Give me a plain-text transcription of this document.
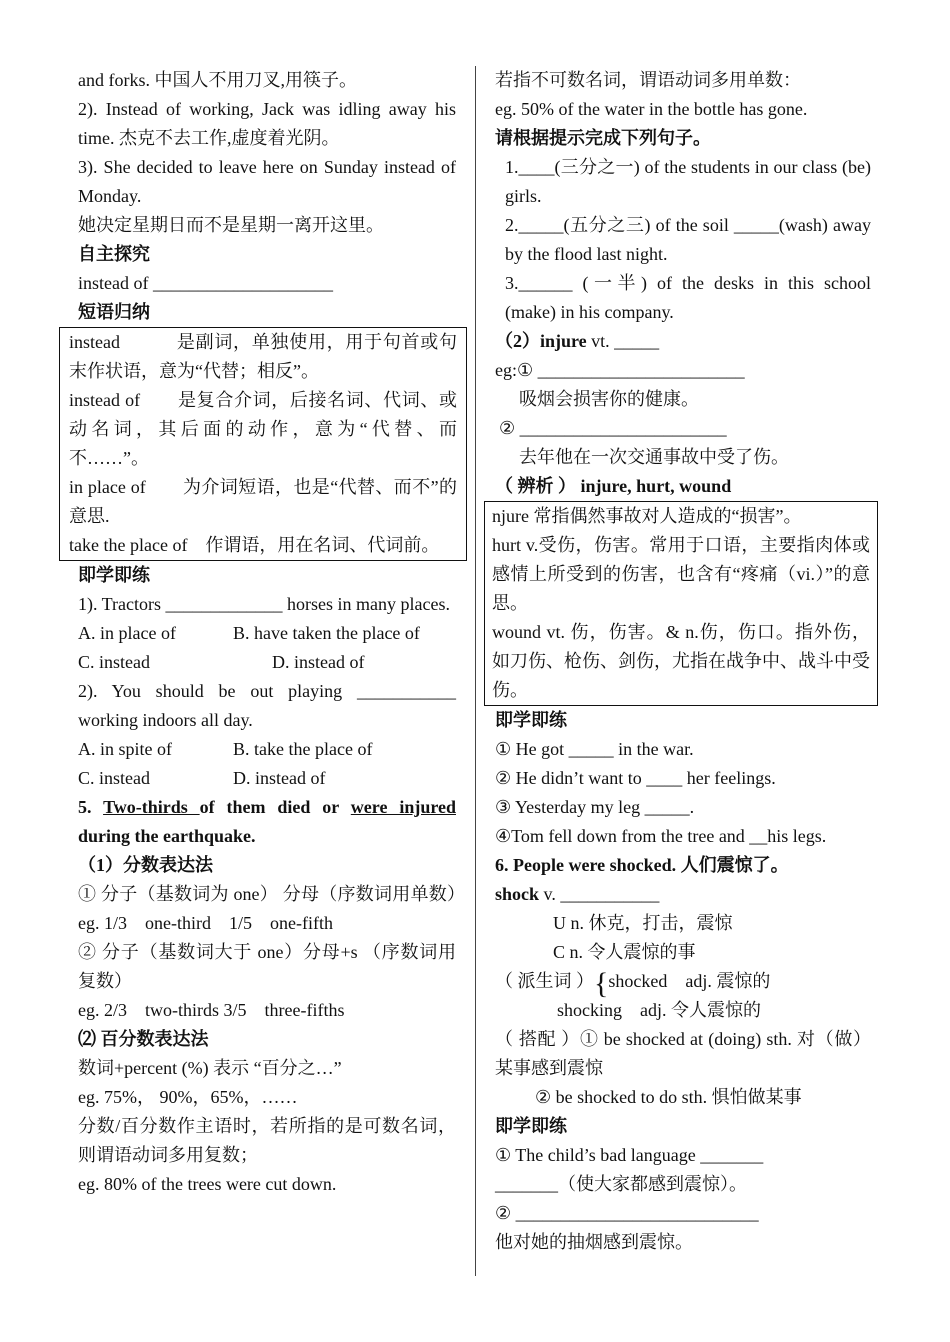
and forks. 中国人不用刀叉,用筷子。

2). Instead of working, Jack was idling away his time. 杰克不去工作,虚度着光阴。

3). She decided to leave here on Sunday instead of Monday.

她决定星期日而不是星期一离开这里。

自主探究

instead of ____________________

短语归纳

instead　　　是副词，单独使用，用于句首或句末作状语，意为“代替；相反”。

instead of　　是复合介词，后接名词、代词、或动名词，其后面的动作，意为“代替、而不……”。

in place of　　为介词短语，也是“代替、而不”的意思.

take the place of　作谓语，用在名词、代词前。

即学即练

1). Tractors _____________ horses in many places.

A. in place of	B. have taken the place of
C. instead	D. instead of

2). You should be out playing ___________ working indoors all day.

A. in spite of	B. take the place of
C. instead	D. instead of

5. Two-thirds of them died or were injured during the earthquake.

（1）分数表达法

① 分子（基数词为 one） 分母（序数词用单数）eg. 1/3　one-third　1/5　one-fifth

② 分子（基数词大于 one）分母+s （序数词用复数）

eg. 2/3　two-thirds 3/5　three-fifths

⑵ 百分数表达法

数词+percent (%) 表示 “百分之…”

eg. 75%， 90%，65%，……

分数/百分数作主语时，若所指的是可数名词，则谓语动词多用复数；

eg. 80% of the trees were cut down.

若指不可数名词，谓语动词多用单数：

eg. 50% of the water in the bottle has gone.

请根据提示完成下列句子。

1.____(三分之一) of the students in our class (be) girls.

2._____(五分之三) of the soil _____(wash) away by the flood last night.

3.______ (一半) of the desks in this school (make) in his company.

（2）injure vt. _____

eg:① _______________________

吸烟会损害你的健康。

② _______________________

去年他在一次交通事故中受了伤。

（ 辨析 ） injure, hurt, wound

njure 常指偶然事故对人造成的“损害”。

hurt v.受伤，伤害。常用于口语，主要指肉体或感情上所受到的伤害，也含有“疼痛（vi.）”的意思。

wound vt. 伤，伤害。& n.伤，伤口。指外伤，如刀伤、枪伤、剑伤，尤指在战争中、战斗中受伤。

即学即练

① He got _____ in the war.

② He didn’t want to ____ her feelings.

③ Yesterday my leg _____.

④Tom fell down from the tree and __his legs.

6. People were shocked. 人们震惊了。

shock v. ___________

U n. 休克，打击，震惊

C n. 令人震惊的事

（ 派生词 ）{shocked　adj. 震惊的

shocking　adj. 令人震惊的

（ 搭配 ）① be shocked at (doing) sth. 对（做）某事感到震惊

② be shocked to do sth. 惧怕做某事

即学即练

① The child’s bad language _______

_______（使大家都感到震惊）。

② ___________________________

他对她的抽烟感到震惊。
